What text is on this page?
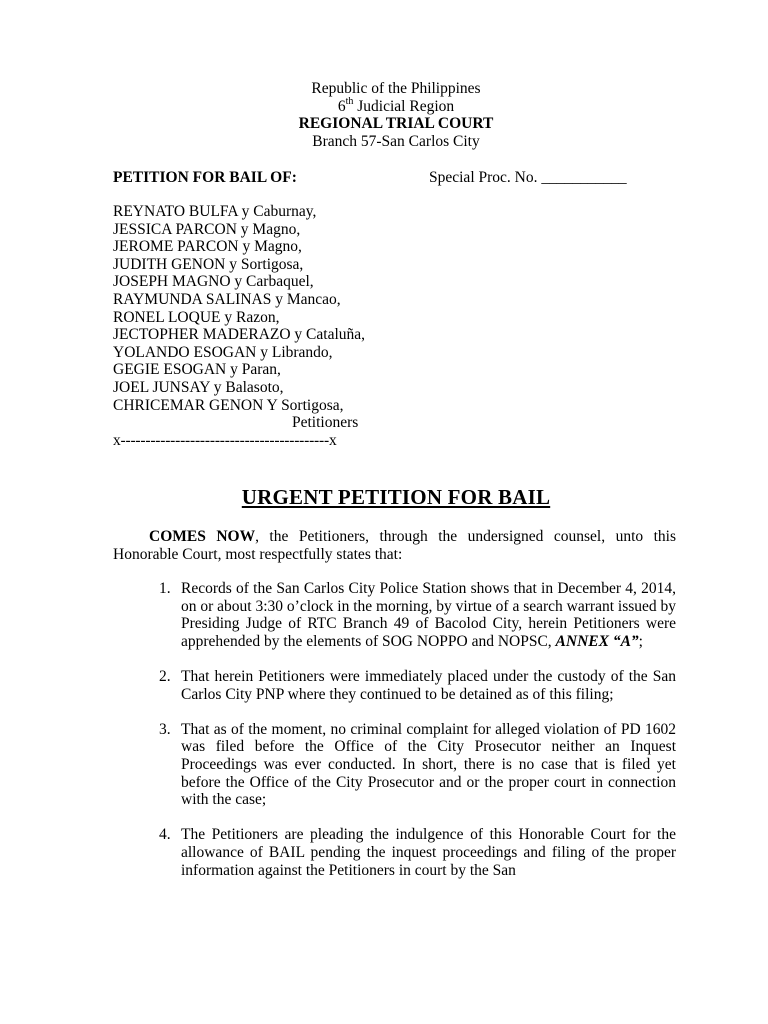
Republic of the Philippines
6th Judicial Region
REGIONAL TRIAL COURT
Branch 57-San Carlos City
PETITION FOR BAIL OF:	Special Proc. No. ___________
REYNATO BULFA y Caburnay,
JESSICA PARCON y Magno,
JEROME PARCON y Magno,
JUDITH GENON y Sortigosa,
JOSEPH MAGNO y Carbaquel,
RAYMUNDA SALINAS y Mancao,
RONEL LOQUE y Razon,
JECTOPHER MADERAZO y Cataluña,
YOLANDO ESOGAN y Librando,
GEGIE ESOGAN y Paran,
JOEL JUNSAY y Balasoto,
CHRICEMAR GENON Y Sortigosa,
Petitioners
x------------------------------------------x
URGENT PETITION FOR BAIL
COMES NOW, the Petitioners, through the undersigned counsel, unto this Honorable Court, most respectfully states that:
1. Records of the San Carlos City Police Station shows that in December 4, 2014, on or about 3:30 o’clock in the morning, by virtue of a search warrant issued by Presiding Judge of RTC Branch 49 of Bacolod City, herein Petitioners were apprehended by the elements of SOG NOPPO and NOPSC, ANNEX “A”;

2. That herein Petitioners were immediately placed under the custody of the San Carlos City PNP where they continued to be detained as of this filing;

3. That as of the moment, no criminal complaint for alleged violation of PD 1602 was filed before the Office of the City Prosecutor neither an Inquest Proceedings was ever conducted. In short, there is no case that is filed yet before the Office of the City Prosecutor and or the proper court in connection with the case;

4. The Petitioners are pleading the indulgence of this Honorable Court for the allowance of BAIL pending the inquest proceedings and filing of the proper information against the Petitioners in court by the San
